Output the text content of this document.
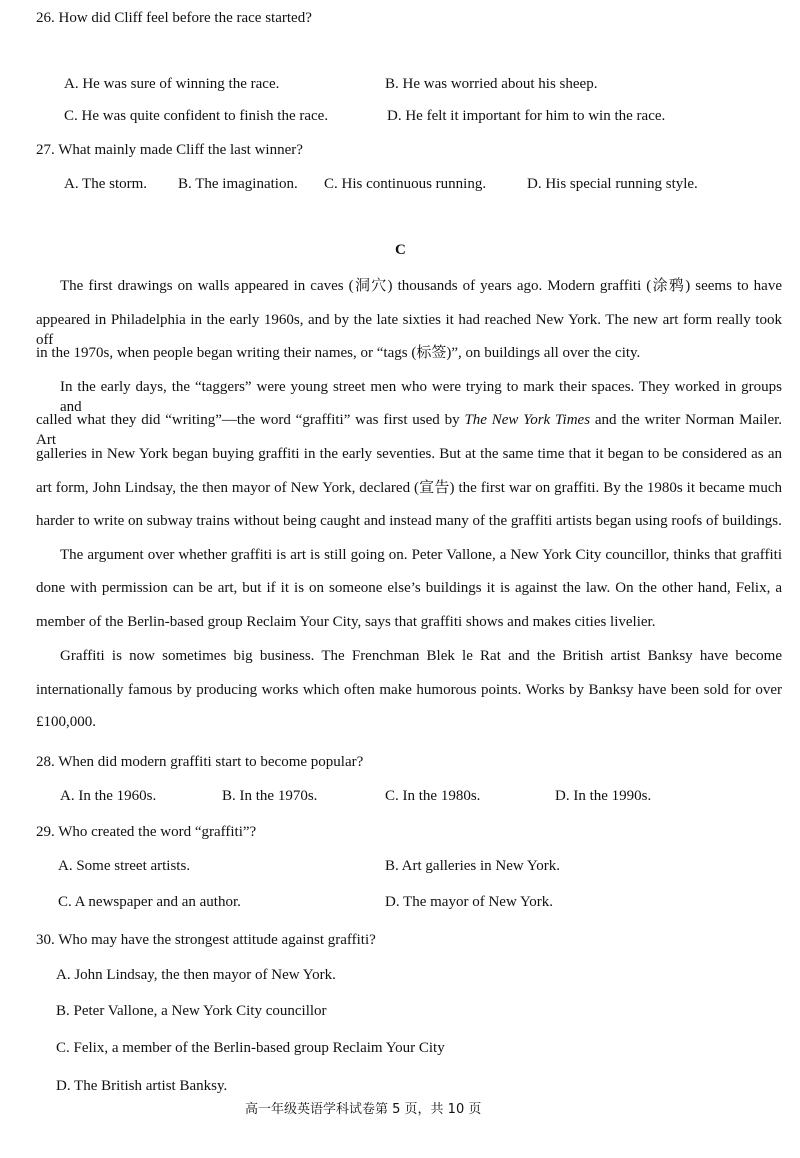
26. How did Cliff feel before the race started?
A. He was sure of winning the race.	B. He was worried about his sheep.
C. He was quite confident to finish the race.	D. He felt it important for him to win the race.
27. What mainly made Cliff the last winner?
A. The storm. B. The imagination. C. His continuous running.	D. His special running style.
C
The first drawings on walls appeared in caves (洞穴) thousands of years ago. Modern graffiti (涂鸦) seems to have
appeared in Philadelphia in the early 1960s, and by the late sixties it had reached New York. The new art form really took off
in the 1970s, when people began writing their names, or “tags (标签)”, on buildings all over the city.
In the early days, the “taggers” were young street men who were trying to mark their spaces. They worked in groups and
called what they did “writing”—the word “graffiti” was first used by The New York Times and the writer Norman Mailer. Art
galleries in New York began buying graffiti in the early seventies. But at the same time that it began to be considered as an
art form, John Lindsay, the then mayor of New York, declared (宣告) the first war on graffiti. By the 1980s it became much
harder to write on subway trains without being caught and instead many of the graffiti artists began using roofs of buildings.
The argument over whether graffiti is art is still going on. Peter Vallone, a New York City councillor, thinks that graffiti
done with permission can be art, but if it is on someone else’s buildings it is against the law. On the other hand, Felix, a
member of the Berlin-based group Reclaim Your City, says that graffiti shows and makes cities livelier.
Graffiti is now sometimes big business. The Frenchman Blek le Rat and the British artist Banksy have become
internationally famous by producing works which often make humorous points. Works by Banksy have been sold for over
£100,000.
28. When did modern graffiti start to become popular?
A. In the 1960s.	B. In the 1970s.	C. In the 1980s.	D. In the 1990s.
29. Who created the word “graffiti”?
A. Some street artists.	B. Art galleries in New York.
C. A newspaper and an author.	D. The mayor of New York.
30. Who may have the strongest attitude against graffiti?
A. John Lindsay, the then mayor of New York.
B. Peter Vallone, a New York City councillor
C. Felix, a member of the Berlin-based group Reclaim Your City
D. The British artist Banksy.
高一年级英语学科试卷第 5 页，共 10 页
